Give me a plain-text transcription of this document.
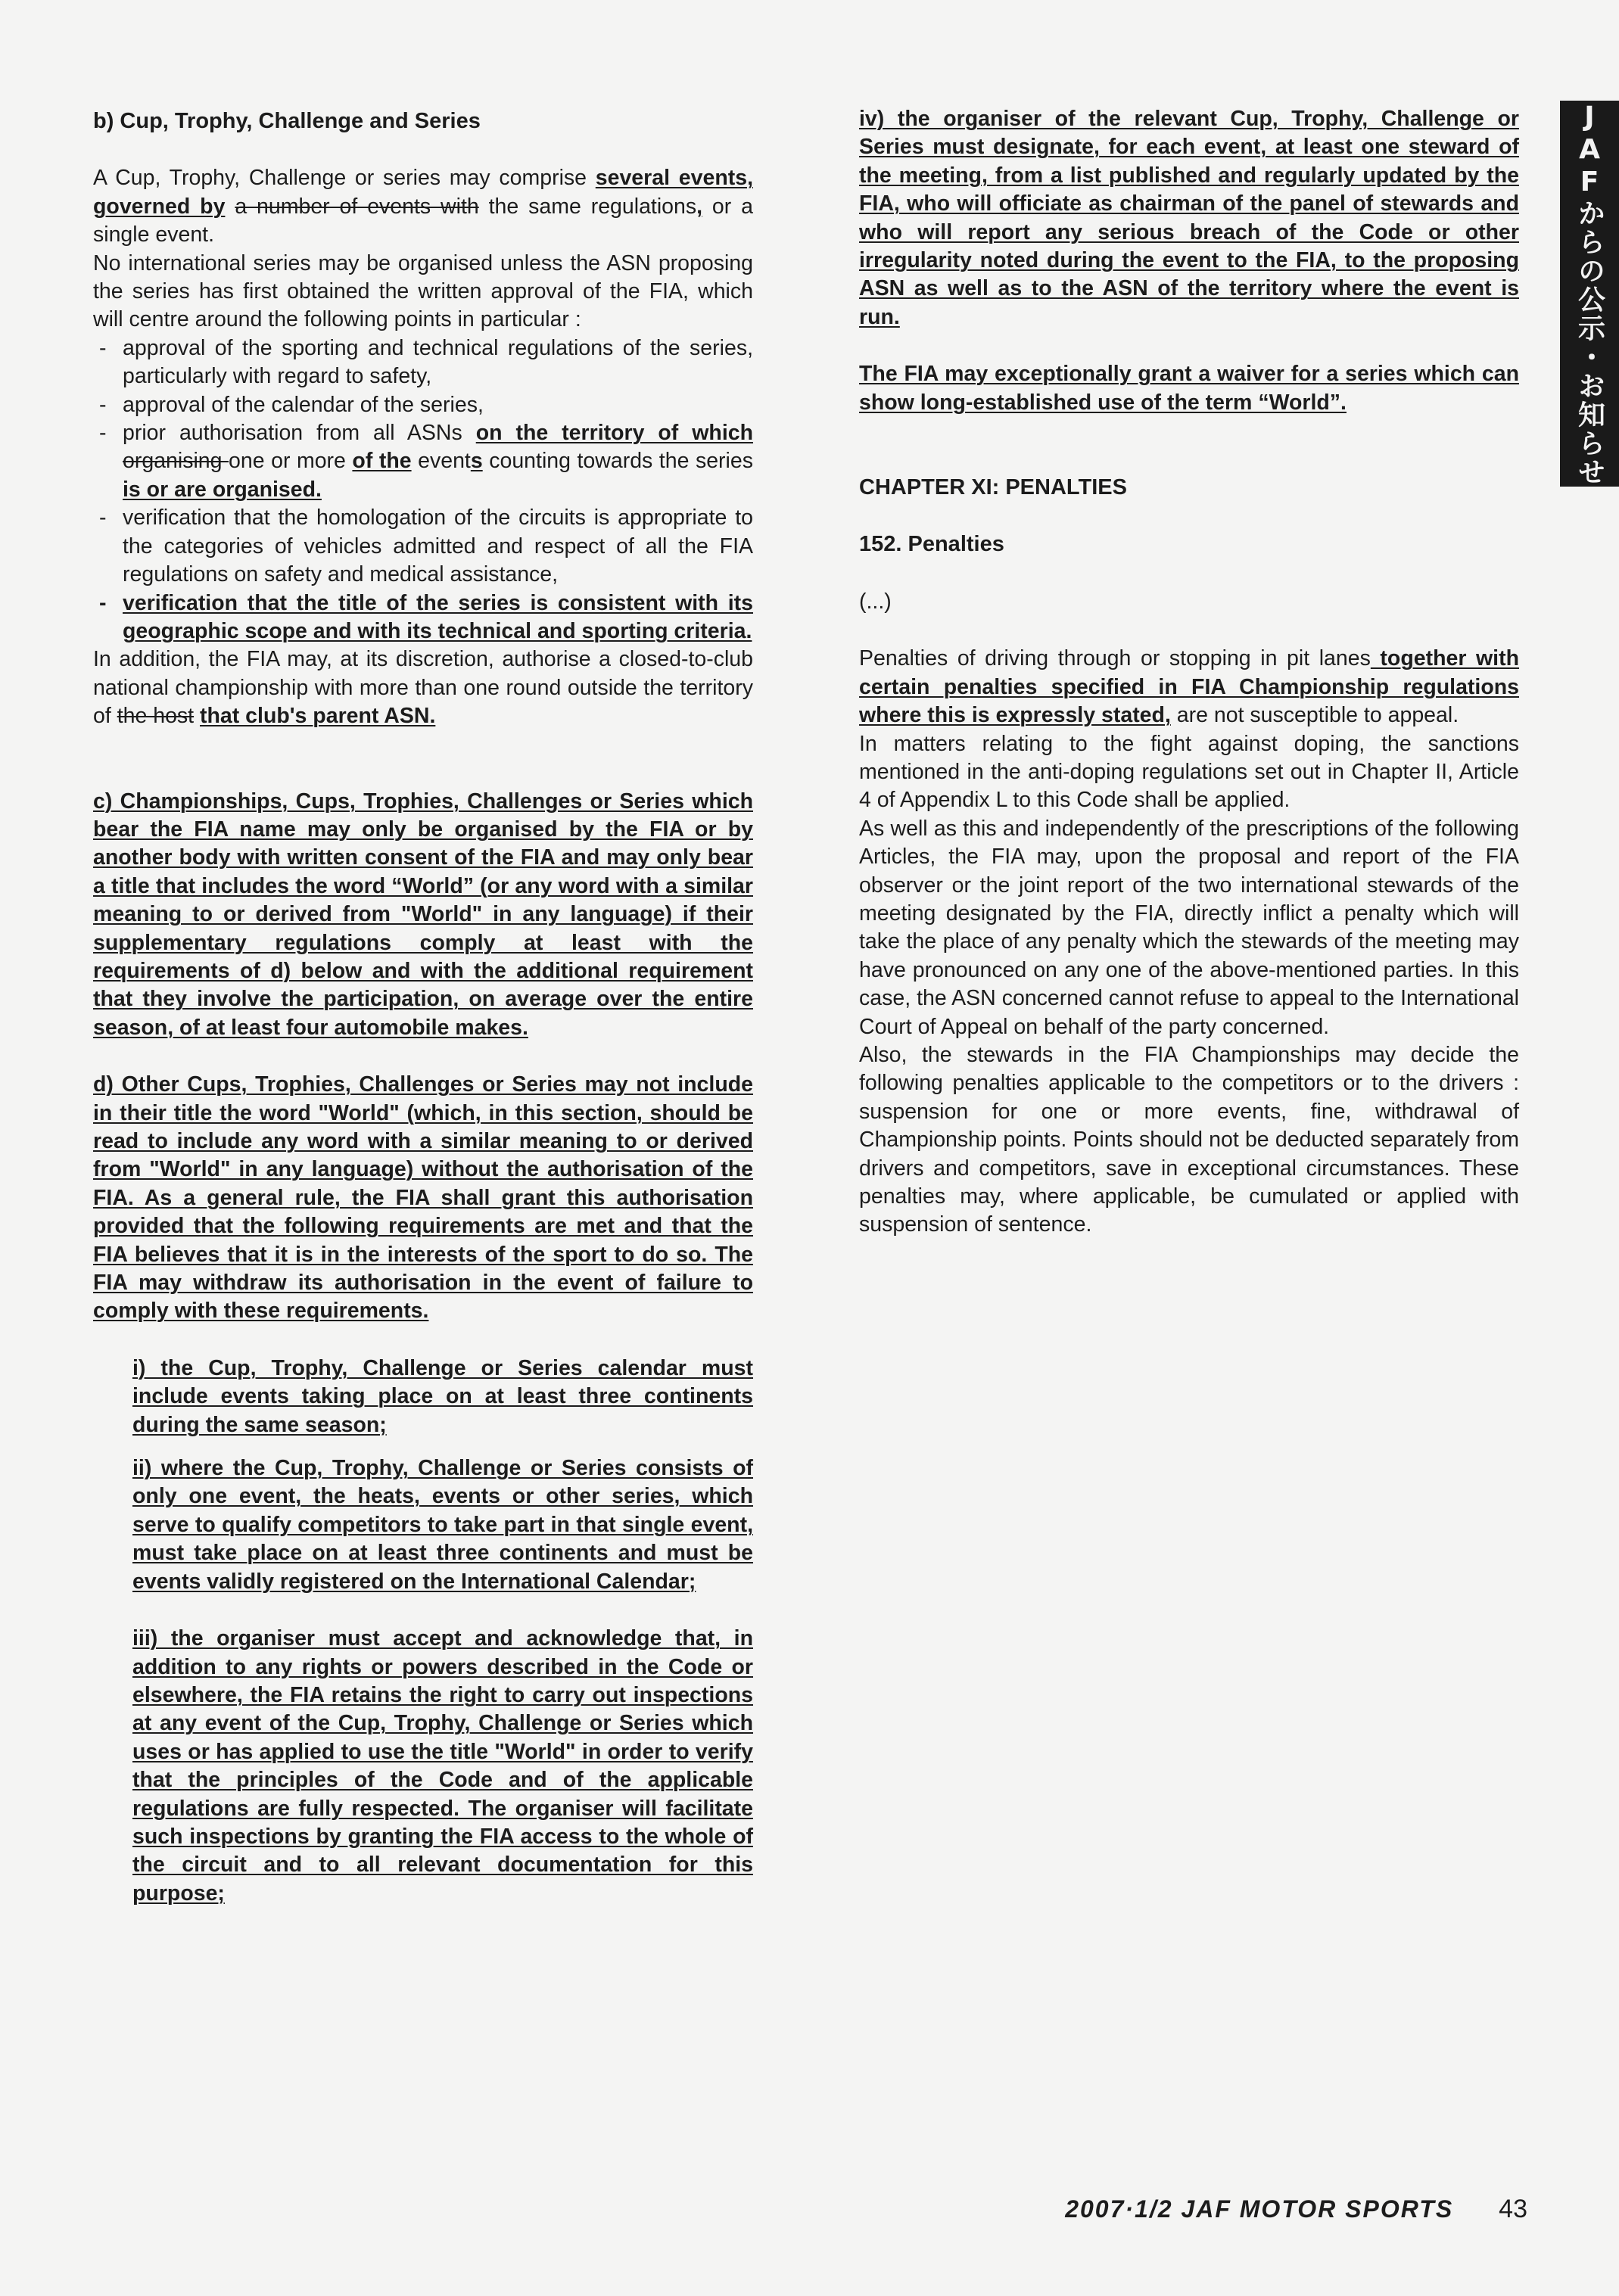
b) Cup, Trophy, Challenge and Series

A Cup, Trophy, Challenge or series may comprise several events, governed by a number of events with the same regulations, or a single event.

No international series may be organised unless the ASN proposing the series has first obtained the written approval of the FIA, which will centre around the following points in particular :

- approval of the sporting and technical regulations of the series, particularly with regard to safety,

- approval of the calendar of the series,

- prior authorisation from all ASNs on the territory of which organising one or more of the events counting towards the series is or are organised.

- verification that the homologation of the circuits is appropriate to the categories of vehicles admitted and respect of all the FIA regulations on safety and medical assistance,

- verification that the title of the series is consistent with its geographic scope and with its technical and sporting criteria.

In addition, the FIA may, at its discretion, authorise a closed-to-club national championship with more than one round outside the territory of the host that club's parent ASN.

c) Championships, Cups, Trophies, Challenges or Series which bear the FIA name may only be organised by the FIA or by another body with written consent of the FIA and may only bear a title that includes the word “World” (or any word with a similar meaning to or derived from "World" in any language) if their supplementary regulations comply at least with the requirements of d) below and with the additional requirement that they involve the participation, on average over the entire season, of at least four automobile makes.

d) Other Cups, Trophies, Challenges or Series may not include in their title the word "World" (which, in this section, should be read to include any word with a similar meaning to or derived from "World" in any language) without the authorisation of the FIA. As a general rule, the FIA shall grant this authorisation provided that the following requirements are met and that the FIA believes that it is in the interests of the sport to do so. The FIA may withdraw its authorisation in the event of failure to comply with these requirements.

i) the Cup, Trophy, Challenge or Series calendar must include events taking place on at least three continents during the same season;

ii) where the Cup, Trophy, Challenge or Series consists of only one event, the heats, events or other series, which serve to qualify competitors to take part in that single event, must take place on at least three continents and must be events validly registered on the International Calendar;

iii) the organiser must accept and acknowledge that, in addition to any rights or powers described in the Code or elsewhere, the FIA retains the right to carry out inspections at any event of the Cup, Trophy, Challenge or Series which uses or has applied to use the title "World" in order to verify that the principles of the Code and of the applicable regulations are fully respected. The organiser will facilitate such inspections by granting the FIA access to the whole of the circuit and to all relevant documentation for this purpose;

iv) the organiser of the relevant Cup, Trophy, Challenge or Series must designate, for each event, at least one steward of the meeting, from a list published and regularly updated by the FIA, who will officiate as chairman of the panel of stewards and who will report any serious breach of the Code or other irregularity noted during the event to the FIA, to the proposing ASN as well as to the ASN of the territory where the event is run.

The FIA may exceptionally grant a waiver for a series which can show long-established use of the term “World”.

CHAPTER XI: PENALTIES

152. Penalties

(...)

Penalties of driving through or stopping in pit lanes together with certain penalties specified in FIA Championship regulations where this is expressly stated, are not susceptible to appeal.

In matters relating to the fight against doping, the sanctions mentioned in the anti-doping regulations set out in Chapter II, Article 4 of Appendix L to this Code shall be applied.

As well as this and independently of the prescriptions of the following Articles, the FIA may, upon the proposal and report of the FIA observer or the joint report of the two international stewards of the meeting designated by the FIA, directly inflict a penalty which will take the place of any penalty which the stewards of the meeting may have pronounced on any one of the above-mentioned parties. In this case, the ASN concerned cannot refuse to appeal to the International Court of Appeal on behalf of the party concerned.

Also, the stewards in the FIA Championships may decide the following penalties applicable to the competitors or to the drivers : suspension for one or more events, fine, withdrawal of Championship points. Points should not be deducted separately from drivers and competitors, save in exceptional circumstances. These penalties may, where applicable, be cumulated or applied with suspension of sentence.

JAFからの公示・お知らせ
2007·1/2 JAF MOTOR SPORTS 43
